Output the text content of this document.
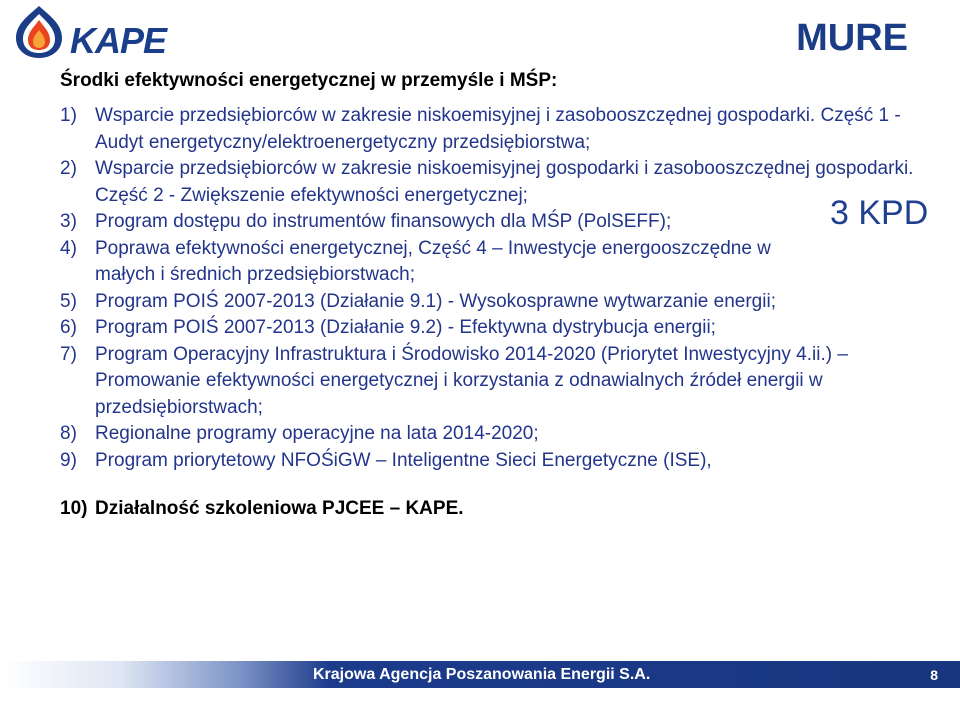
KAPE	MURE
Środki efektywności energetycznej w przemyśle i MŚP:
3 KPD
1) Wsparcie przedsiębiorców w zakresie niskoemisyjnej i zasobooszczędnej gospodarki. Część 1 - Audyt energetyczny/elektroenergetyczny przedsiębiorstwa;
2) Wsparcie przedsiębiorców w zakresie niskoemisyjnej gospodarki i zasobooszczędnej gospodarki. Część 2 - Zwiększenie efektywności energetycznej;
3) Program dostępu do instrumentów finansowych dla MŚP (PolSEFF);
4) Poprawa efektywności energetycznej, Część 4 – Inwestycje energooszczędne w małych i średnich przedsiębiorstwach;
5) Program POIŚ 2007-2013 (Działanie 9.1) - Wysokosprawne wytwarzanie energii;
6) Program POIŚ 2007-2013 (Działanie 9.2) - Efektywna dystrybucja energii;
7) Program Operacyjny Infrastruktura i Środowisko 2014-2020 (Priorytet Inwestycyjny 4.ii.) – Promowanie efektywności energetycznej i korzystania z odnawialnych źródeł energii w przedsiębiorstwach;
8) Regionalne programy operacyjne na lata 2014-2020;
9) Program priorytetowy NFOŚiGW – Inteligentne Sieci Energetyczne (ISE),
10) Działalność szkoleniowa PJCEE – KAPE.
Krajowa Agencja Poszanowania Energii S.A.	8
